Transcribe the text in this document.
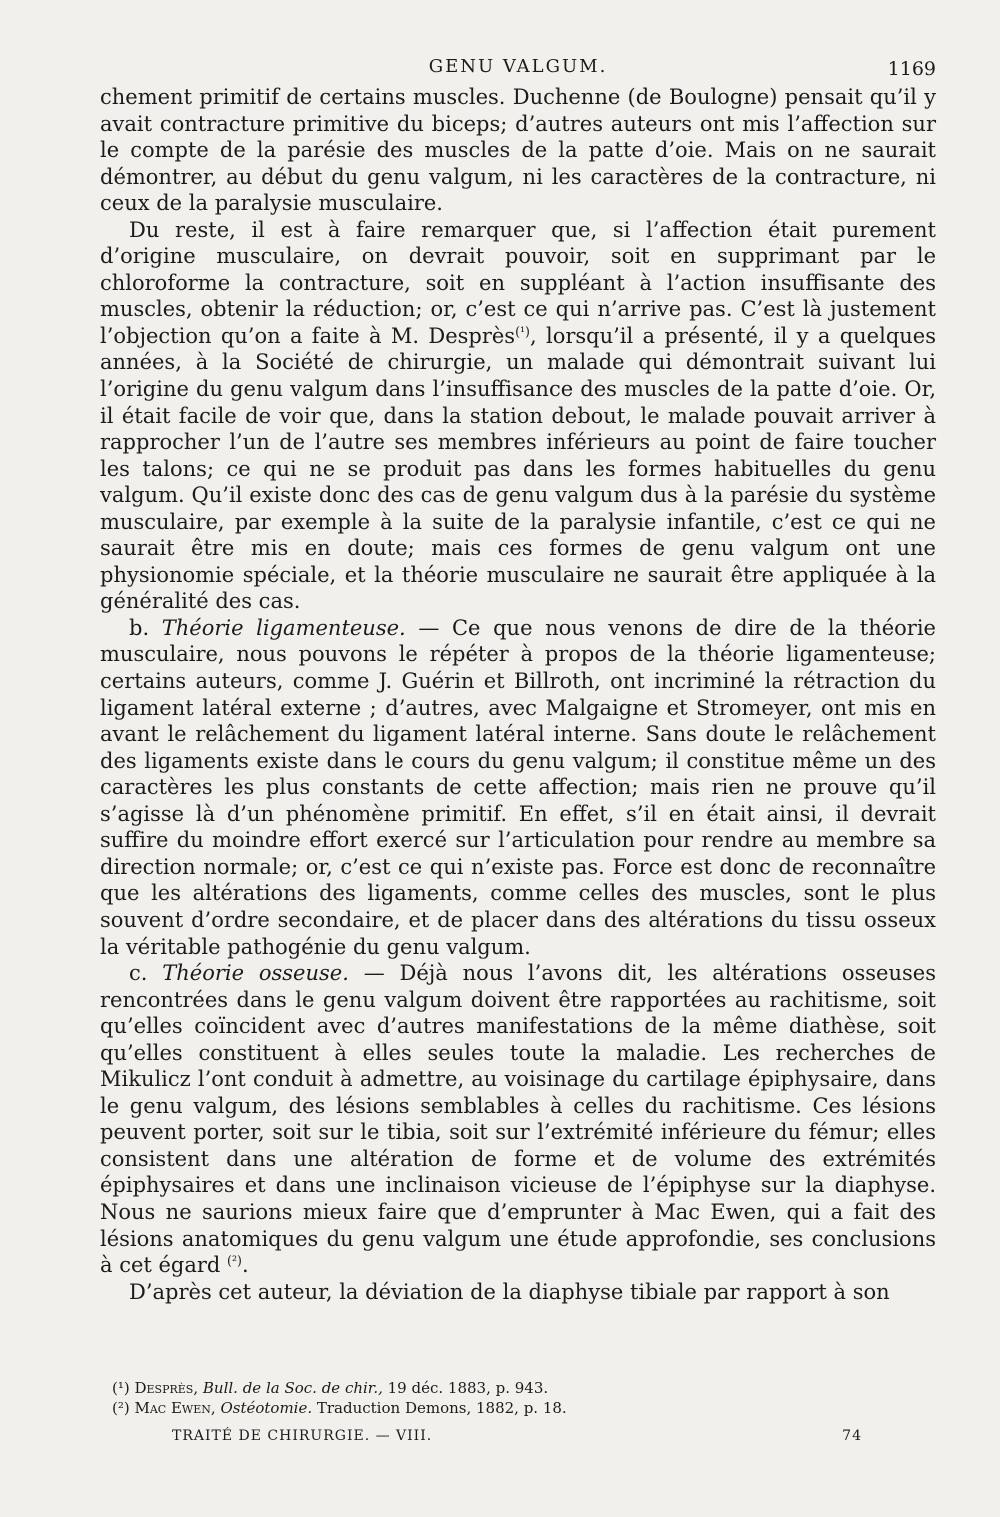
GENU VALGUM.	1169

chement primitif de certains muscles. Duchenne (de Boulogne) pensait qu’il y avait contracture primitive du biceps; d’autres auteurs ont mis l’affection sur le compte de la parésie des muscles de la patte d’oie. Mais on ne saurait démontrer, au début du genu valgum, ni les caractères de la contracture, ni ceux de la paralysie musculaire.

Du reste, il est à faire remarquer que, si l’affection était purement d’origine musculaire, on devrait pouvoir, soit en supprimant par le chloroforme la contracture, soit en suppléant à l’action insuffisante des muscles, obtenir la réduction; or, c’est ce qui n’arrive pas. C’est là justement l’objection qu’on a faite à M. Desprès$^{(^1)}$, lorsqu’il a présenté, il y a quelques années, à la Société de chirurgie, un malade qui démontrait suivant lui l’origine du genu valgum dans l’insuffisance des muscles de la patte d’oie. Or, il était facile de voir que, dans la station debout, le malade pouvait arriver à rapprocher l’un de l’autre ses membres inférieurs au point de faire toucher les talons; ce qui ne se produit pas dans les formes habituelles du genu valgum. Qu’il existe donc des cas de genu valgum dus à la parésie du système musculaire, par exemple à la suite de la paralysie infantile, c’est ce qui ne saurait être mis en doute; mais ces formes de genu valgum ont une physionomie spéciale, et la théorie musculaire ne saurait être appliquée à la généralité des cas.

b. Théorie ligamenteuse. — Ce que nous venons de dire de la théorie musculaire, nous pouvons le répéter à propos de la théorie ligamenteuse; certains auteurs, comme J. Guérin et Billroth, ont incriminé la rétraction du ligament latéral externe ; d’autres, avec Malgaigne et Stromeyer, ont mis en avant le relâchement du ligament latéral interne. Sans doute le relâchement des ligaments existe dans le cours du genu valgum; il constitue même un des caractères les plus constants de cette affection; mais rien ne prouve qu’il s’agisse là d’un phénomène primitif. En effet, s’il en était ainsi, il devrait suffire du moindre effort exercé sur l’articulation pour rendre au membre sa direction normale; or, c’est ce qui n’existe pas. Force est donc de reconnaître que les altérations des ligaments, comme celles des muscles, sont le plus souvent d’ordre secondaire, et de placer dans des altérations du tissu osseux la véritable pathogénie du genu valgum.

c. Théorie osseuse. — Déjà nous l’avons dit, les altérations osseuses rencontrées dans le genu valgum doivent être rapportées au rachitisme, soit qu’elles coïncident avec d’autres manifestations de la même diathèse, soit qu’elles constituent à elles seules toute la maladie. Les recherches de Mikulicz l’ont conduit à admettre, au voisinage du cartilage épiphysaire, dans le genu valgum, des lésions semblables à celles du rachitisme. Ces lésions peuvent porter, soit sur le tibia, soit sur l’extrémité inférieure du fémur; elles consistent dans une altération de forme et de volume des extrémités épiphysaires et dans une inclinaison vicieuse de l’épiphyse sur la diaphyse. Nous ne saurions mieux faire que d’emprunter à Mac Ewen, qui a fait des lésions anatomiques du genu valgum une étude approfondie, ses conclusions à cet égard $^{(^2)}$.

D’après cet auteur, la déviation de la diaphyse tibiale par rapport à son

(¹) Desprès, Bull. de la Soc. de chir., 19 déc. 1883, p. 943.

(²) Mac Ewen, Ostéotomie. Traduction Demons, 1882, p. 18.

TRAITÉ DE CHIRURGIE. — VIII.	74
